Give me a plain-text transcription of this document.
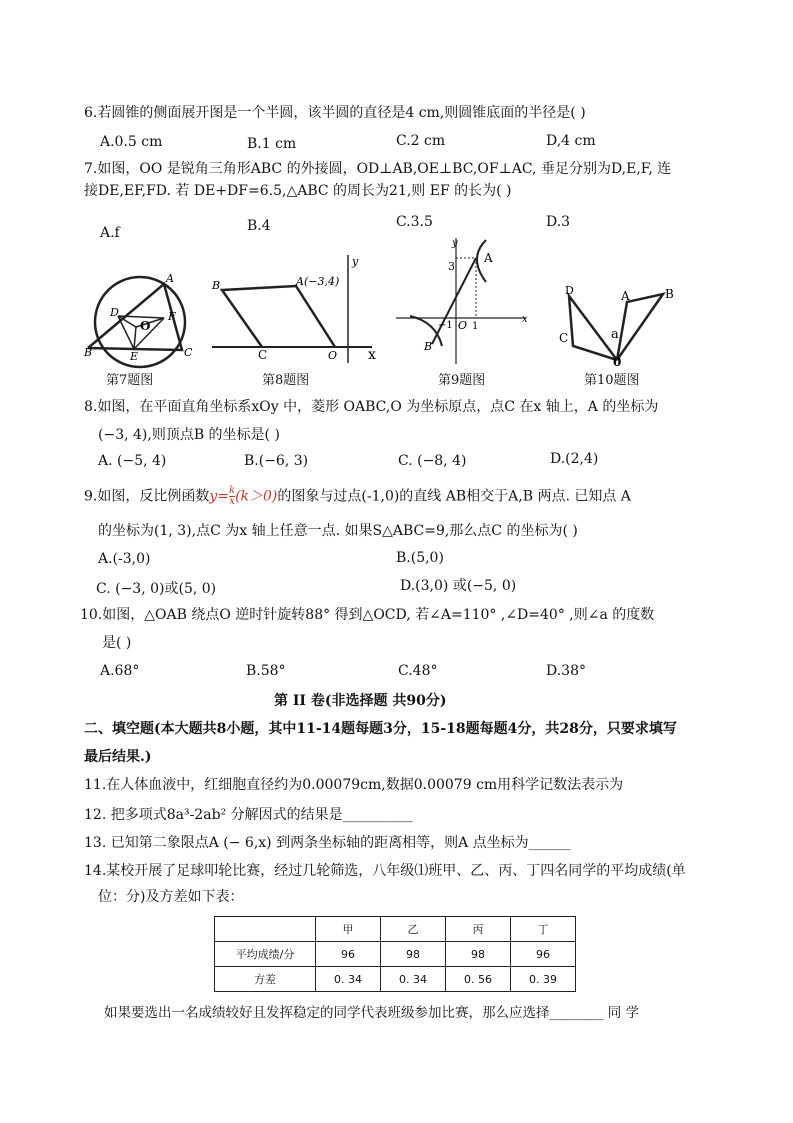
6.若圆锥的侧面展开图是一个半圆，该半圆的直径是4 cm,则圆锥底面的半径是( )
A.0.5 cm	B.1 cm	C.2 cm	D,4 cm
7.如图，OO 是锐角三角形ABC 的外接圆，OD⊥AB,OE⊥BC,OF⊥AC, 垂足分别为D,E,F, 连
接DE,EF,FD. 若 DE+DF=6.5,△ABC 的周长为21,则 EF 的长为( )
A.f	B.4	C.3.5	D.3
A
B	C
D
E
F
O
第7题图
y
A(−3,4)
B
C	O x
第8题图
y
A
3
−1 O 1
x
B
第9题图
D	A	B
C	a
0
第10题图
8.如图，在平面直角坐标系xOy 中，菱形 OABC,O 为坐标原点，点C 在x 轴上，A 的坐标为
(−3, 4),则顶点B 的坐标是( )
A. (−5, 4)	B.(−6, 3)	C. (−8, 4)	D.(2,4)
9.如图，反比例函数$y= \frac{k}{x} (k>0)$的图象与过点(-1,0)的直线 AB相交于A,B 两点. 已知点 A
的坐标为(1, 3),点C 为x 轴上任意一点. 如果S△ABC=9,那么点C 的坐标为( )
A.(-3,0)	B.(5,0)
C. (−3, 0)或(5, 0)	D.(3,0) 或(−5, 0)
10.如图，△OAB 绕点O 逆时针旋转88° 得到△OCD, 若∠A=110° ,∠D=40° ,则∠a 的度数
是( )
A.68°	B.58°	C.48°	D.38°
第 II 卷(非选择题 共90分)
二、填空题(本大题共8小题，其中11-14题每题3分，15-18题每题4分，共28分，只要求填写
最后结果.)
11.在人体血液中，红细胞直径约为0.00079cm,数据0.00079 cm用科学记数法表示为
12. 把多项式8a³-2ab² 分解因式的结果是__________
13. 已知第二象限点A (− 6,x) 到两条坐标轴的距离相等，则A 点坐标为______
14.某校开展了足球叩轮比赛，经过几轮筛选，八年级⑴班甲、乙、丙、丁四名同学的平均成绩(单
位：分)及方差如下表：
	甲	乙	丙	丁
平均成绩/分	96	98	98	96
方差	0. 34	0. 34	0. 56	0. 39
如果要选出一名成绩较好且发挥稳定的同学代表班级参加比赛，那么应选择________ 同 学
